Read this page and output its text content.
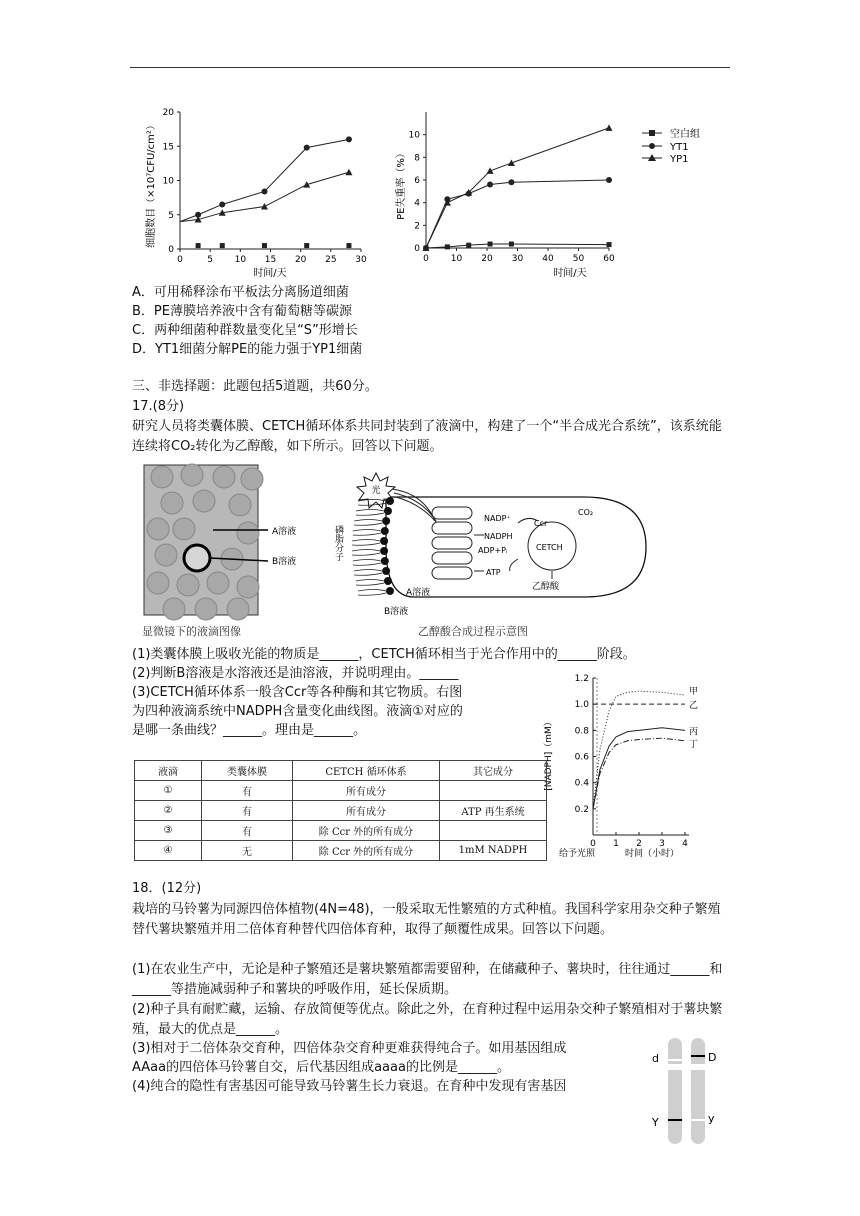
细胞数目（×10⁷CFU/cm²）
时间/天
0	5 10 15 20 25 30
0
5
10
15
20
PE失重率（%）
时间/天
0 10 20 30 40 50 60
0
2
4
6
8
10	空白组
YT1
YP1
A．可用稀释涂布平板法分离肠道细菌
B．PE薄膜培养液中含有葡萄糖等碳源
C．两种细菌种群数量变化呈“S”形增长
D．YT1细菌分解PE的能力强于YP1细菌
三、非选择题：此题包括5道题，共60分。
17.(8分)
研究人员将类囊体膜、CETCH循环体系共同封装到了液滴中，构建了一个“半合成光合系统”，该系统能连续将CO₂转化为乙醇酸，如下所示。回答以下问题。
A溶液
B溶液
光
磷脂分子
A溶液
B溶液
NADP⁺
NADPH
ADP+Pᵢ
ATP
CETCH
CO₂
Ccr
乙醇酸
显微镜下的液滴图像	乙醇酸合成过程示意图
(1)类囊体膜上吸收光能的物质是______，CETCH循环相当于光合作用中的______阶段。
(2)判断B溶液是水溶液还是油溶液，并说明理由。______
(3)CETCH循环体系一般含Ccr等各种酶和其它物质。右图
为四种液滴系统中NADPH含量变化曲线图。液滴①对应的
是哪一条曲线？______。理由是______。
0 1 2 3 4
0.2
0.4
0.6
0.8
1.0
1.2
甲
乙
丙
丁
给予光照	时间（小时）
[NADPH]（mM）
液滴	类囊体膜	CETCH 循环体系	其它成分
①	有	所有成分	
②	有	所有成分	ATP 再生系统
③	有	除 Ccr 外的所有成分	
④	无	除 Ccr 外的所有成分	1mM NADPH
18．(12分)
栽培的马铃薯为同源四倍体植物(4N=48)，一般采取无性繁殖的方式种植。我国科学家用杂交种子繁殖替代薯块繁殖并用二倍体育种替代四倍体育种，取得了颠覆性成果。回答以下问题。
(1)在农业生产中，无论是种子繁殖还是薯块繁殖都需要留种，在储藏种子、薯块时，往往通过______和______等措施减弱种子和薯块的呼吸作用，延长保质期。
(2)种子具有耐贮藏，运输、存放简便等优点。除此之外，在育种过程中运用杂交种子繁殖相对于薯块繁殖，最大的优点是______。
(3)相对于二倍体杂交育种，四倍体杂交育种更难获得纯合子。如用基因组成
AAaa的四倍体马铃薯自交，后代基因组成aaaa的比例是______。
(4)纯合的隐性有害基因可能导致马铃薯生长力衰退。在育种中发现有害基因
d	D
Y	y
